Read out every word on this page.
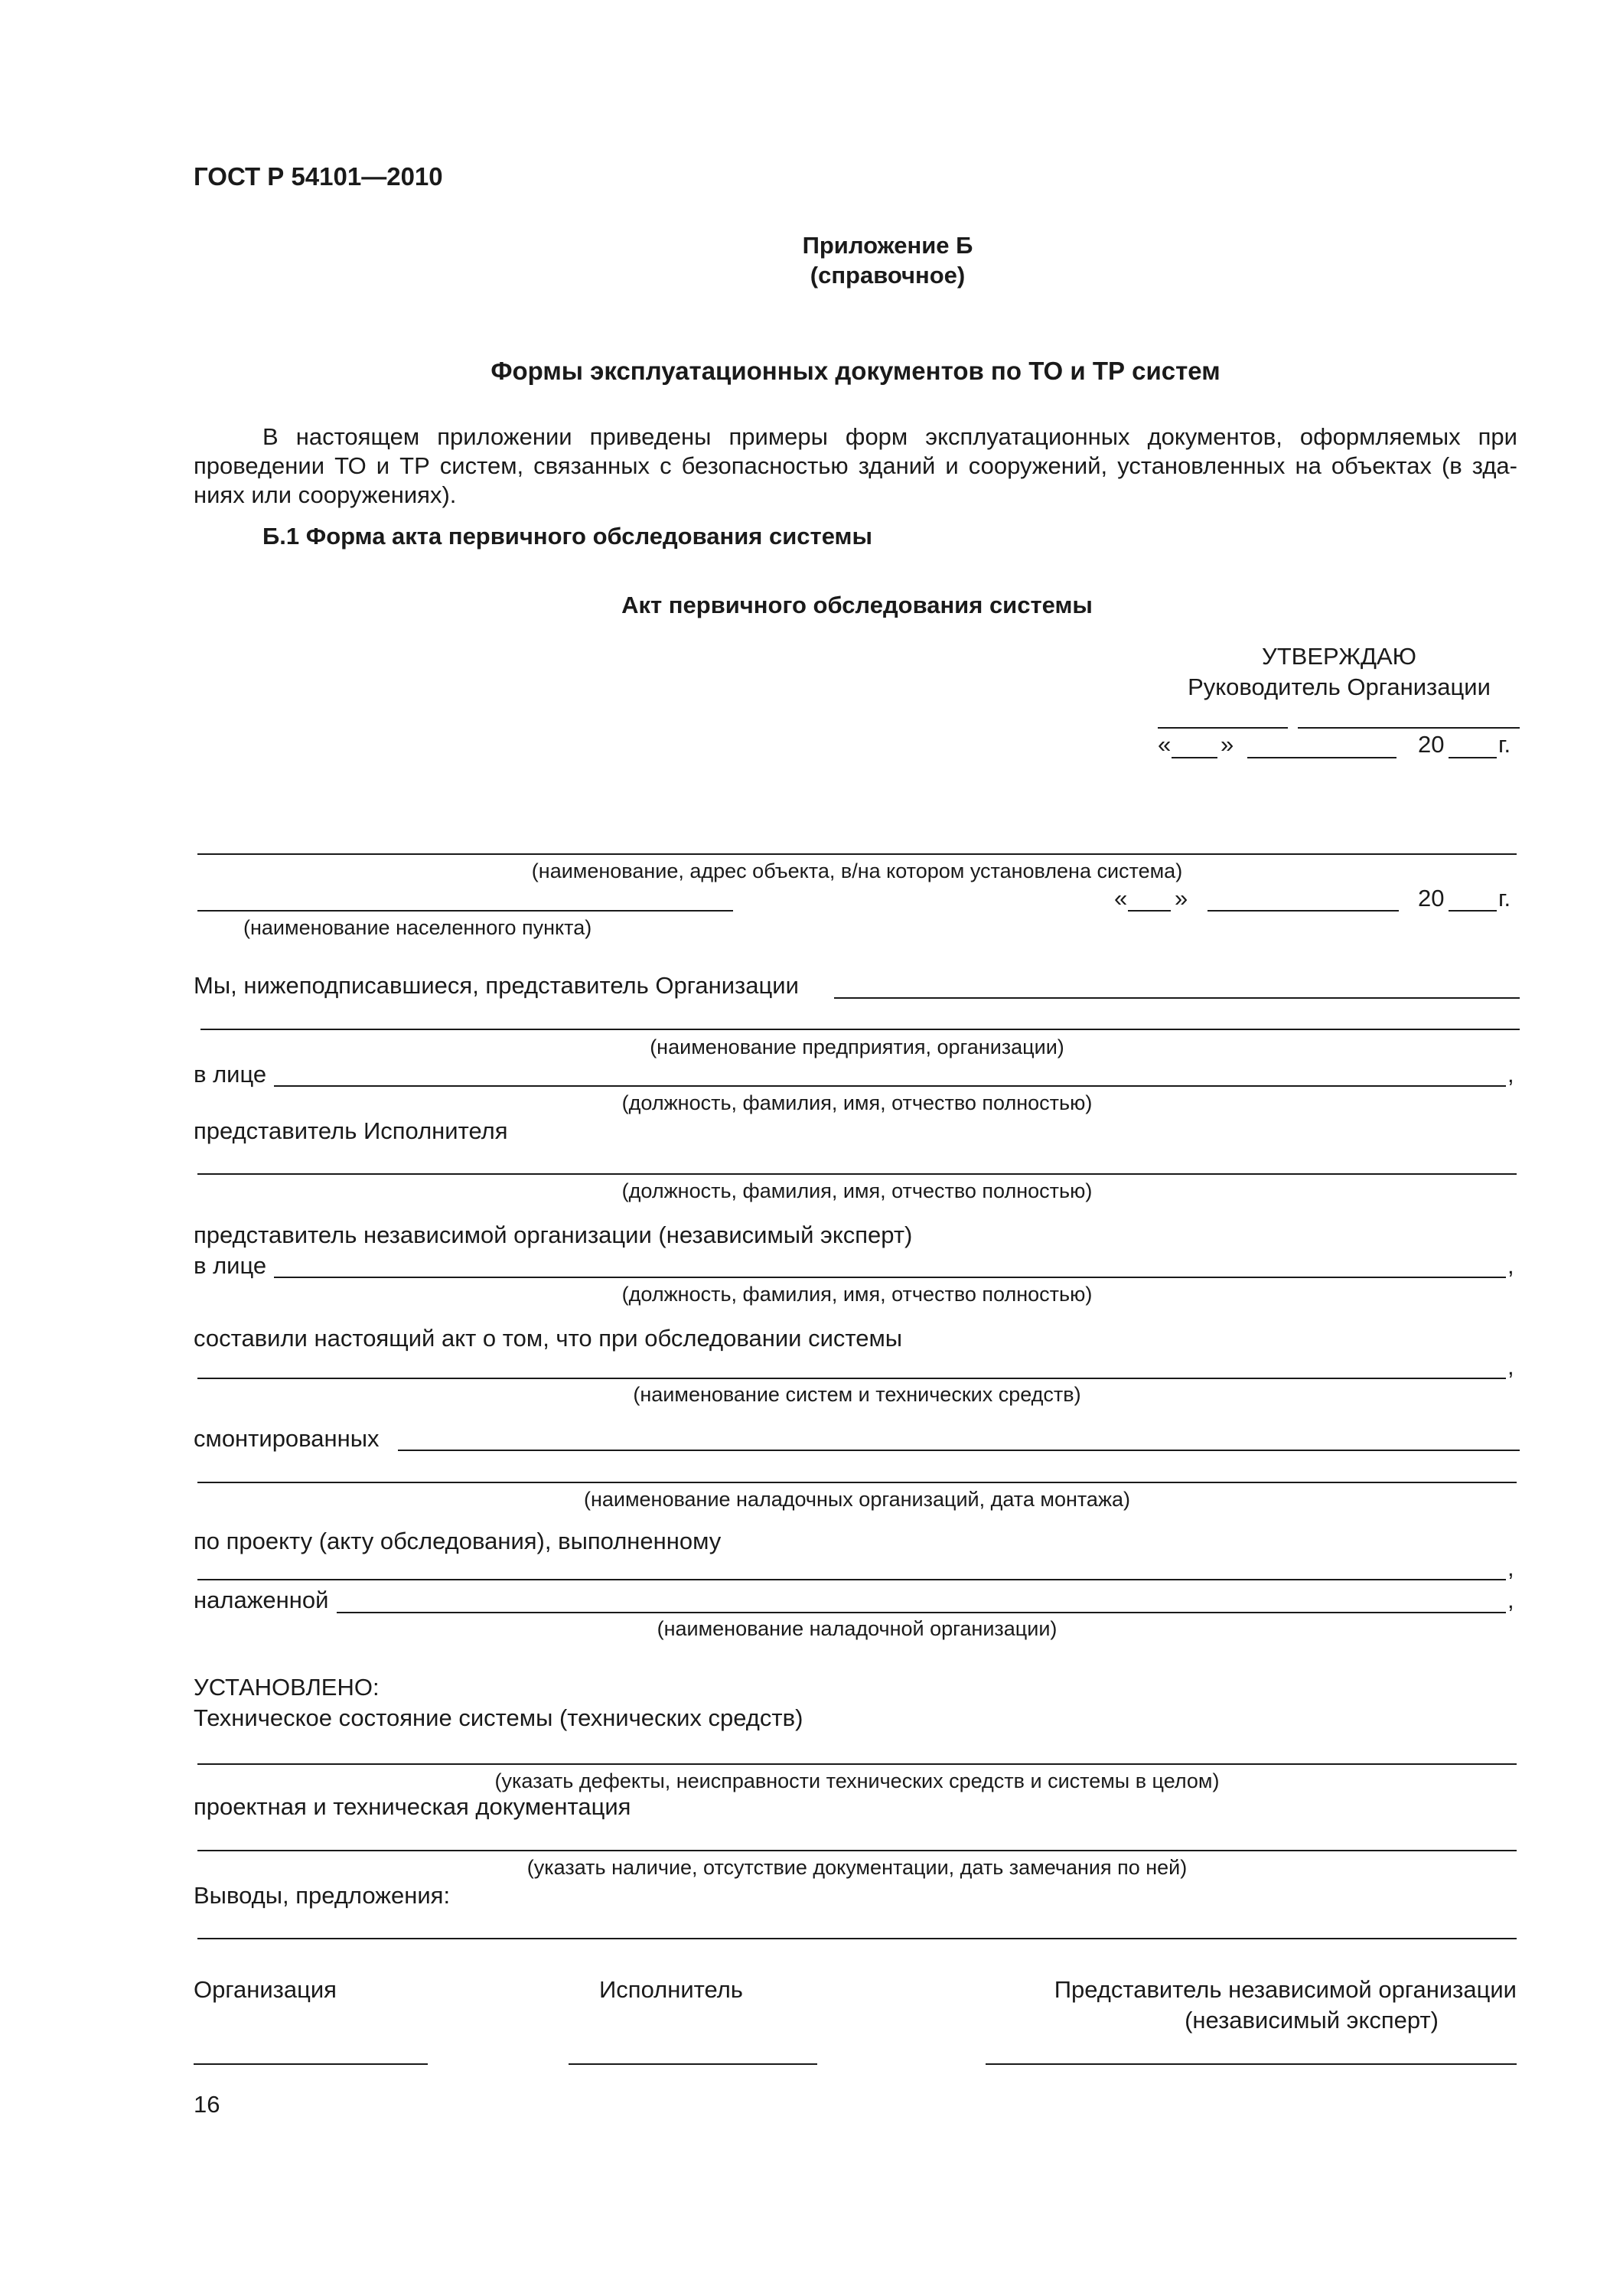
ГОСТ Р 54101—2010
Приложение Б
(справочное)
Формы эксплуатационных документов по ТО и ТР систем
В настоящем приложении приведены примеры форм эксплуатационных документов, оформляемых при
проведении ТО и ТР систем, связанных с безопасностью зданий и сооружений, установленных на объектах (в зда-
ниях или сооружениях).
Б.1 Форма акта первичного обследования системы
Акт первичного обследования системы
УТВЕРЖДАЮ
Руководитель Организации
« »	20 г.
(наименование, адрес объекта, в/на котором установлена система)
(наименование населенного пункта)
« »	20 г.
Мы, нижеподписавшиеся, представитель Организации
(наименование предприятия, организации)
в лице	,
(должность, фамилия, имя, отчество полностью)
представитель Исполнителя
(должность, фамилия, имя, отчество полностью)
представитель независимой организации (независимый эксперт)
в лице	,
(должность, фамилия, имя, отчество полностью)
составили настоящий акт о том, что при обследовании системы
,
(наименование систем и технических средств)
смонтированных
(наименование наладочных организаций, дата монтажа)
по проекту (акту обследования), выполненному
,
налаженной	,
(наименование наладочной организации)
УСТАНОВЛЕНО:
Техническое состояние системы (технических средств)
(указать дефекты, неисправности технических средств и системы в целом)
проектная и техническая документация
(указать наличие, отсутствие документации, дать замечания по ней)
Выводы, предложения:
Организация	Исполнитель	Представитель независимой организации
(независимый эксперт)
16
